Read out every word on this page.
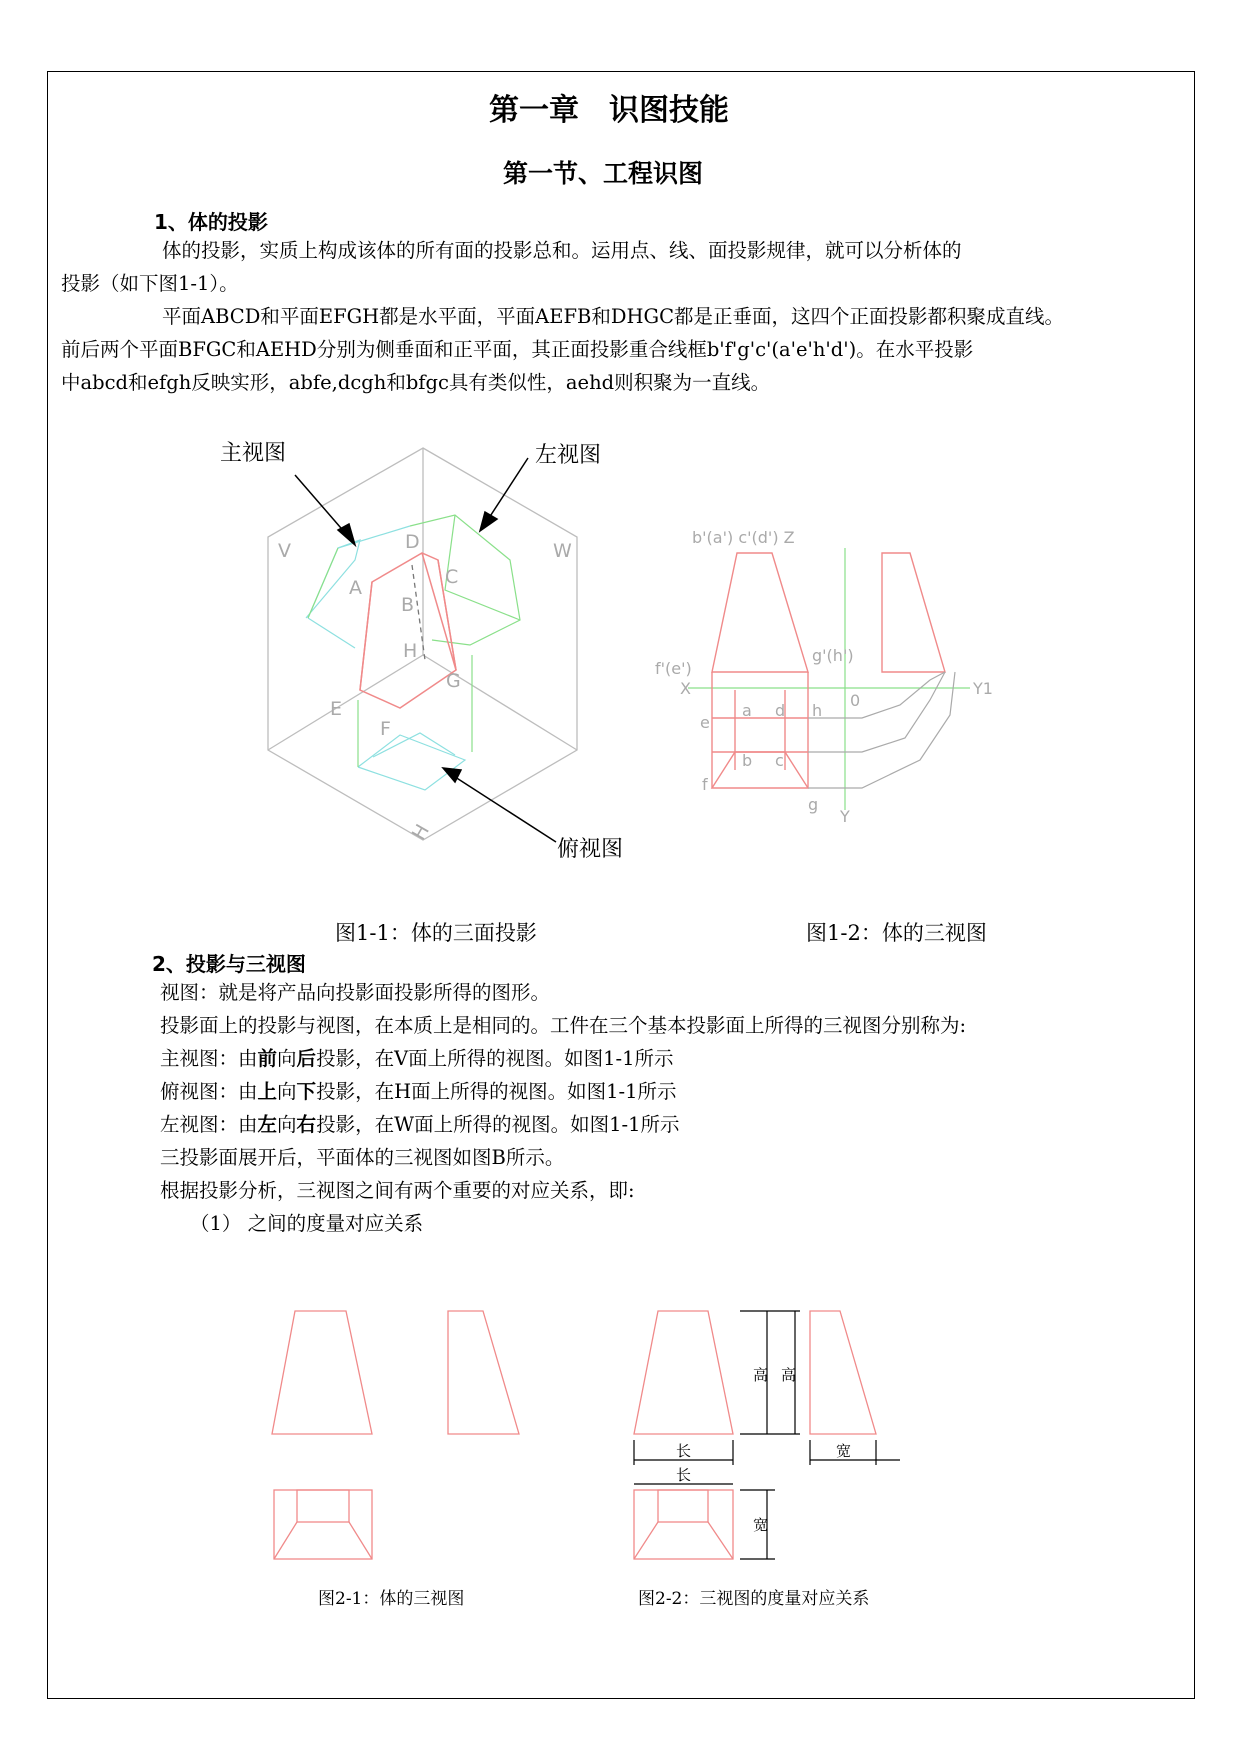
第一章　识图技能
第一节、工程识图
1、体的投影
体的投影，实质上构成该体的所有面的投影总和。运用点、线、面投影规律，就可以分析体的
投影（如下图1-1）。
平面ABCD和平面EFGH都是水平面，平面AEFB和DHGC都是正垂面，这四个正面投影都积聚成直线。
前后两个平面BFGC和AEHD分别为侧垂面和正平面，其正面投影重合线框b'f'g'c'(a'e'h'd')。在水平投影
中abcd和efgh反映实形，abfe,dcgh和bfgc具有类似性，aehd则积聚为一直线。
V	W
H
A
B
C
D
E
F
G
H
主视图	左视图
俯视图
b'(a') c'(d') Z
g'(h')
f'(e')
X	Y1
0
a d h
e
b c
f
g
Y
图1-1：体的三面投影	图1-2：体的三视图
2、投影与三视图
视图：就是将产品向投影面投影所得的图形。
投影面上的投影与视图，在本质上是相同的。工件在三个基本投影面上所得的三视图分别称为:
主视图：由前向后投影，在V面上所得的视图。如图1-1所示
俯视图：由上向下投影，在H面上所得的视图。如图1-1所示
左视图：由左向右投影，在W面上所得的视图。如图1-1所示
三投影面展开后，平面体的三视图如图B所示。
根据投影分析，三视图之间有两个重要的对应关系，即:
（1） 之间的度量对应关系
高 高
长	宽
长
宽
图2-1：体的三视图	图2-2：三视图的度量对应关系
